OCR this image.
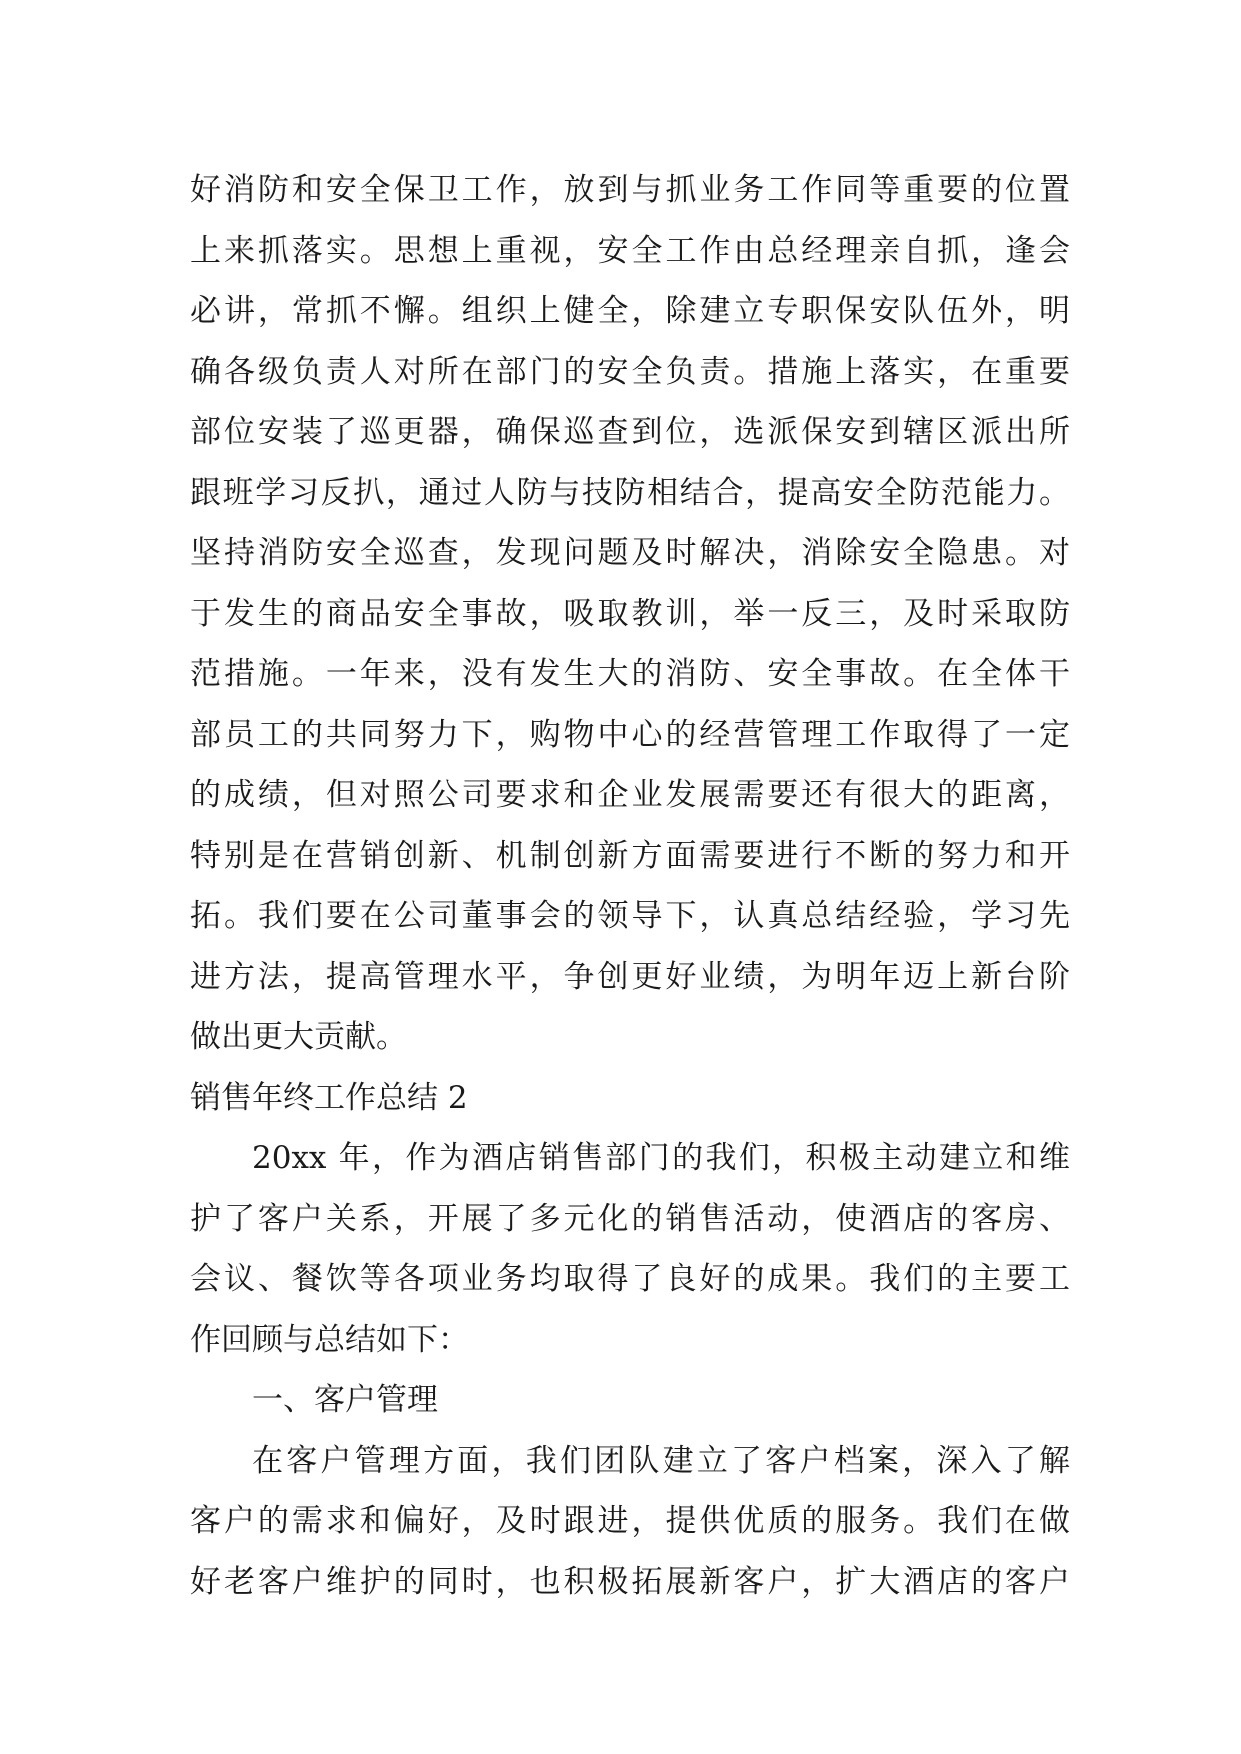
好消防和安全保卫工作，放到与抓业务工作同等重要的位置
上来抓落实。思想上重视，安全工作由总经理亲自抓，逢会
必讲，常抓不懈。组织上健全，除建立专职保安队伍外，明
确各级负责人对所在部门的安全负责。措施上落实，在重要
部位安装了巡更器，确保巡查到位，选派保安到辖区派出所
跟班学习反扒，通过人防与技防相结合，提高安全防范能力。
坚持消防安全巡查，发现问题及时解决，消除安全隐患。对
于发生的商品安全事故，吸取教训，举一反三，及时采取防
范措施。一年来，没有发生大的消防、安全事故。在全体干
部员工的共同努力下，购物中心的经营管理工作取得了一定
的成绩，但对照公司要求和企业发展需要还有很大的距离，
特别是在营销创新、机制创新方面需要进行不断的努力和开
拓。我们要在公司董事会的领导下，认真总结经验，学习先
进方法，提高管理水平，争创更好业绩，为明年迈上新台阶
做出更大贡献。
销售年终工作总结 2
20xx 年，作为酒店销售部门的我们，积极主动建立和维
护了客户关系，开展了多元化的销售活动，使酒店的客房、
会议、餐饮等各项业务均取得了良好的成果。我们的主要工
作回顾与总结如下：
一、客户管理
在客户管理方面，我们团队建立了客户档案，深入了解
客户的需求和偏好，及时跟进，提供优质的服务。我们在做
好老客户维护的同时，也积极拓展新客户，扩大酒店的客户
